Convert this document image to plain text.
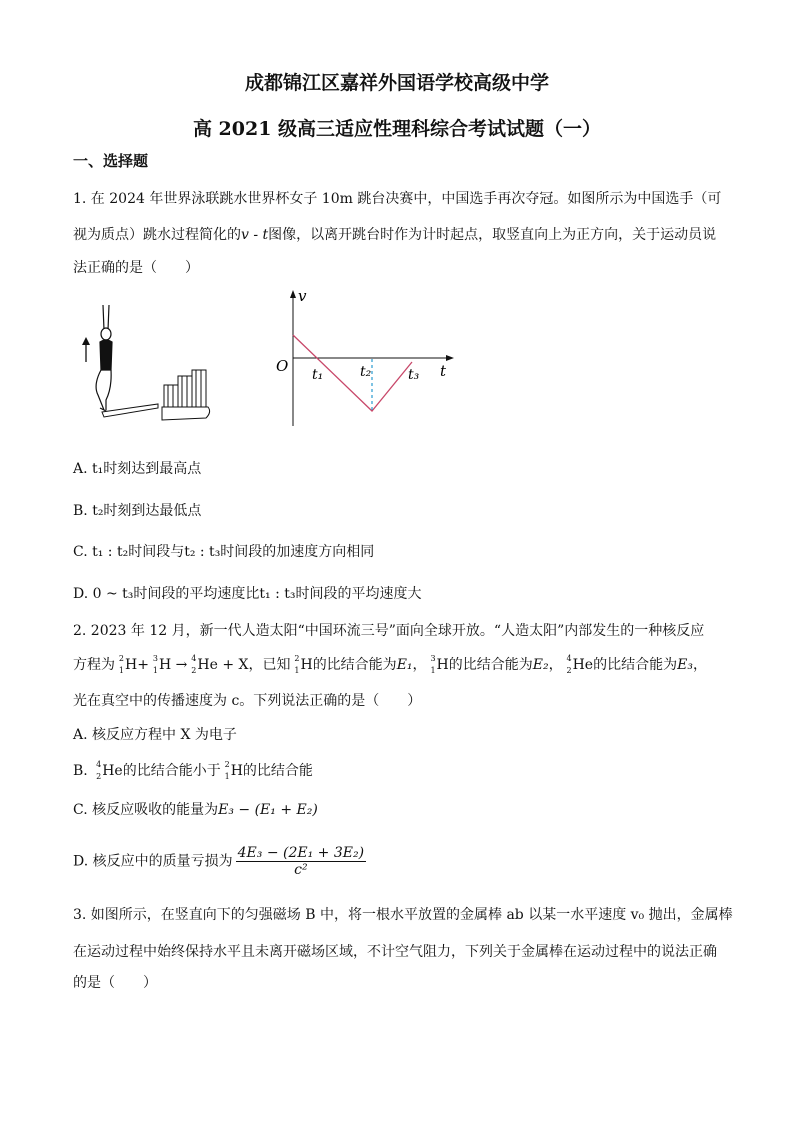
成都锦江区嘉祥外国语学校高级中学
高 2021 级高三适应性理科综合考试试题（一）
一、选择题
1. 在 2024 年世界泳联跳水世界杯女子 10m 跳台决赛中，中国选手再次夺冠。如图所示为中国选手（可
视为质点）跳水过程简化的v - t图像，以离开跳台时作为计时起点，取竖直向上为正方向，关于运动员说
法正确的是（　　）
v
t
O t₁	t₂	t₃
A. t₁时刻达到最高点
B. t₂时刻到达最低点
C. t₁ : t₂时间段与t₂ : t₃时间段的加速度方向相同
D. 0 ~ t₃时间段的平均速度比t₁ : t₃时间段的平均速度大
2. 2023 年 12 月，新一代人造太阳“中国环流三号”面向全球开放。“人造太阳”内部发生的一种核反应
方程为 2
1 H+ 3
1 H → 4
2 He + X，已知 2
1 H的比结合能为E₁， 3
1 H的比结合能为E₂， 4
2 He的比结合能为E₃，
光在真空中的传播速度为 c。下列说法正确的是（　　）
A. 核反应方程中 X 为电子
B. 4
2 He的比结合能小于 2
1 H的比结合能
C. 核反应吸收的能量为E₃ − (E₁ + E₂)
D. 核反应中的质量亏损为 $\frac{\text{4E₃ − (2E₁ + 3E₂)}}{\text{c²}}$
3. 如图所示，在竖直向下的匀强磁场 B 中，将一根水平放置的金属棒 ab 以某一水平速度 v₀ 抛出，金属棒
在运动过程中始终保持水平且未离开磁场区域，不计空气阻力，下列关于金属棒在运动过程中的说法正确
的是（　　）
